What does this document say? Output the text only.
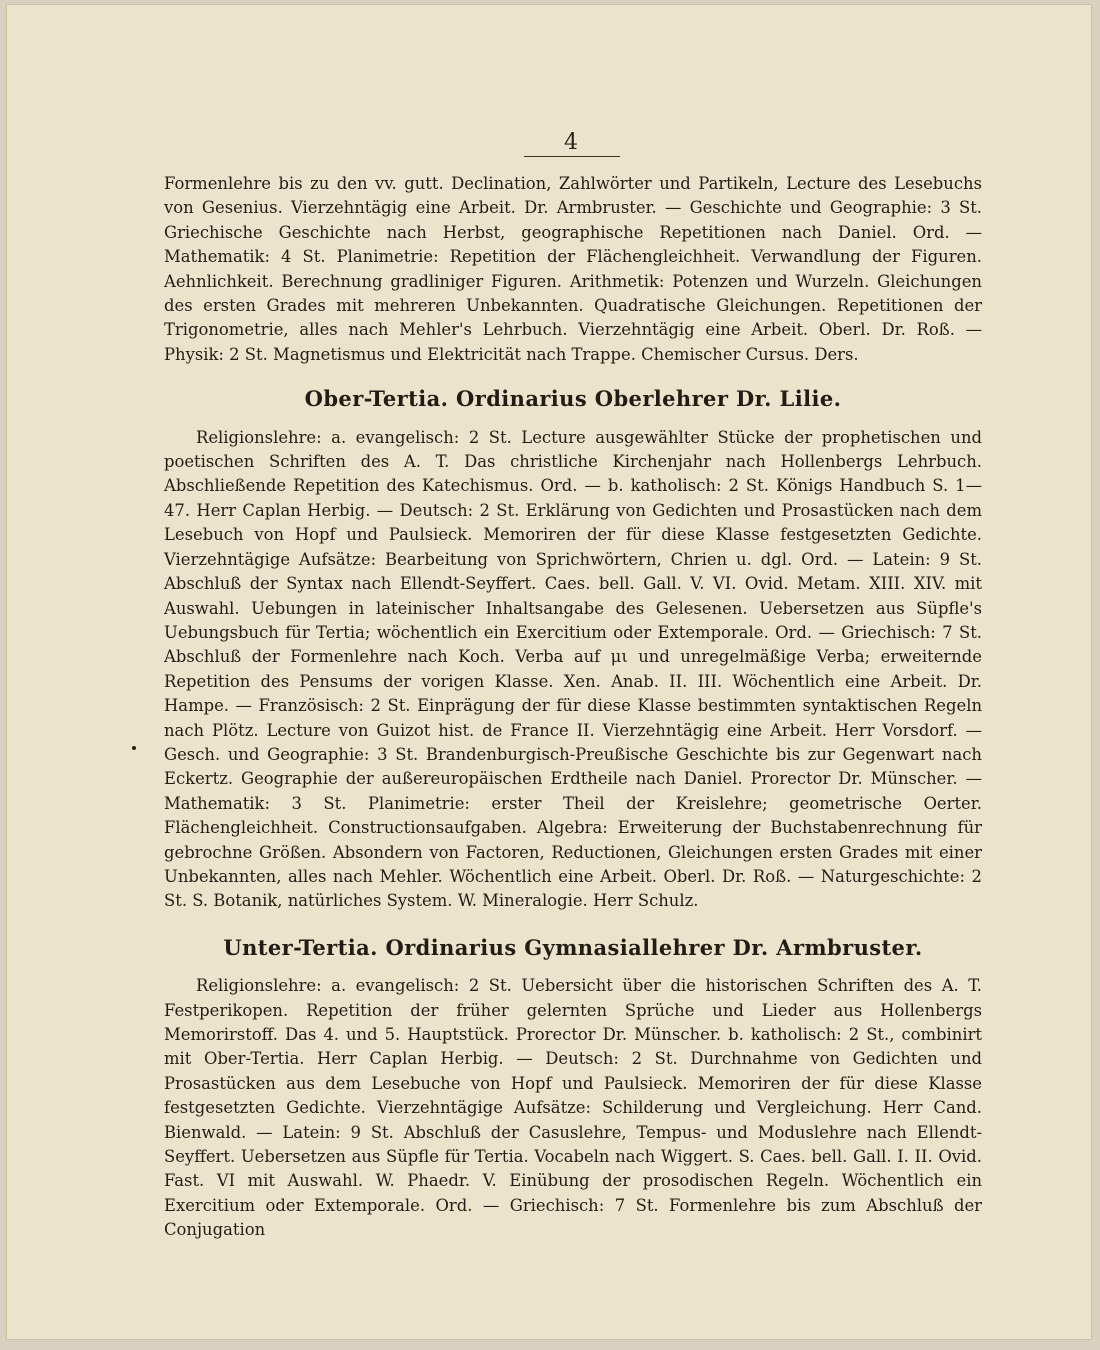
4

Formenlehre bis zu den vv. gutt. Declination, Zahlwörter und Partikeln, Lecture des Lesebuchs von Gesenius. Vierzehntägig eine Arbeit. Dr. Armbruster. — Geschichte und Geographie: 3 St. Griechische Geschichte nach Herbst, geographische Repetitionen nach Daniel. Ord. — Mathematik: 4 St. Planimetrie: Repetition der Flächengleichheit. Verwandlung der Figuren. Aehnlichkeit. Berechnung gradliniger Figuren. Arithmetik: Potenzen und Wurzeln. Gleichungen des ersten Grades mit mehreren Unbekannten. Quadratische Gleichungen. Repetitionen der Trigonometrie, alles nach Mehler's Lehrbuch. Vierzehntägig eine Arbeit. Oberl. Dr. Roß. — Physik: 2 St. Magnetismus und Elektricität nach Trappe. Chemischer Cursus. Ders.

Ober-Tertia. Ordinarius Oberlehrer Dr. Lilie.

Religionslehre: a. evangelisch: 2 St. Lecture ausgewählter Stücke der prophetischen und poetischen Schriften des A. T. Das christliche Kirchenjahr nach Hollenbergs Lehrbuch. Abschließende Repetition des Katechismus. Ord. — b. katholisch: 2 St. Königs Handbuch S. 1—47. Herr Caplan Herbig. — Deutsch: 2 St. Erklärung von Gedichten und Prosastücken nach dem Lesebuch von Hopf und Paulsieck. Memoriren der für diese Klasse festgesetzten Gedichte. Vierzehntägige Aufsätze: Bearbeitung von Sprichwörtern, Chrien u. dgl. Ord. — Latein: 9 St. Abschluß der Syntax nach Ellendt-Seyffert. Caes. bell. Gall. V. VI. Ovid. Metam. XIII. XIV. mit Auswahl. Uebungen in lateinischer Inhaltsangabe des Gelesenen. Uebersetzen aus Süpfle's Uebungsbuch für Tertia; wöchentlich ein Exercitium oder Extemporale. Ord. — Griechisch: 7 St. Abschluß der Formenlehre nach Koch. Verba auf μι und unregelmäßige Verba; erweiternde Repetition des Pensums der vorigen Klasse. Xen. Anab. II. III. Wöchentlich eine Arbeit. Dr. Hampe. — Französisch: 2 St. Einprägung der für diese Klasse bestimmten syntaktischen Regeln nach Plötz. Lecture von Guizot hist. de France II. Vierzehntägig eine Arbeit. Herr Vorsdorf. — Gesch. und Geographie: 3 St. Brandenburgisch-Preußische Geschichte bis zur Gegenwart nach Eckertz. Geographie der außereuropäischen Erdtheile nach Daniel. Prorector Dr. Münscher. — Mathematik: 3 St. Planimetrie: erster Theil der Kreislehre; geometrische Oerter. Flächengleichheit. Constructionsaufgaben. Algebra: Erweiterung der Buchstabenrechnung für gebrochne Größen. Absondern von Factoren, Reductionen, Gleichungen ersten Grades mit einer Unbekannten, alles nach Mehler. Wöchentlich eine Arbeit. Oberl. Dr. Roß. — Naturgeschichte: 2 St. S. Botanik, natürliches System. W. Mineralogie. Herr Schulz.

Unter-Tertia. Ordinarius Gymnasiallehrer Dr. Armbruster.

Religionslehre: a. evangelisch: 2 St. Uebersicht über die historischen Schriften des A. T. Festperikopen. Repetition der früher gelernten Sprüche und Lieder aus Hollenbergs Memorirstoff. Das 4. und 5. Hauptstück. Prorector Dr. Münscher. b. katholisch: 2 St., combinirt mit Ober-Tertia. Herr Caplan Herbig. — Deutsch: 2 St. Durchnahme von Gedichten und Prosastücken aus dem Lesebuche von Hopf und Paulsieck. Memoriren der für diese Klasse festgesetzten Gedichte. Vierzehntägige Aufsätze: Schilderung und Vergleichung. Herr Cand. Bienwald. — Latein: 9 St. Abschluß der Casuslehre, Tempus- und Moduslehre nach Ellendt-Seyffert. Uebersetzen aus Süpfle für Tertia. Vocabeln nach Wiggert. S. Caes. bell. Gall. I. II. Ovid. Fast. VI mit Auswahl. W. Phaedr. V. Einübung der prosodischen Regeln. Wöchentlich ein Exercitium oder Extemporale. Ord. — Griechisch: 7 St. Formenlehre bis zum Abschluß der Conjugation
